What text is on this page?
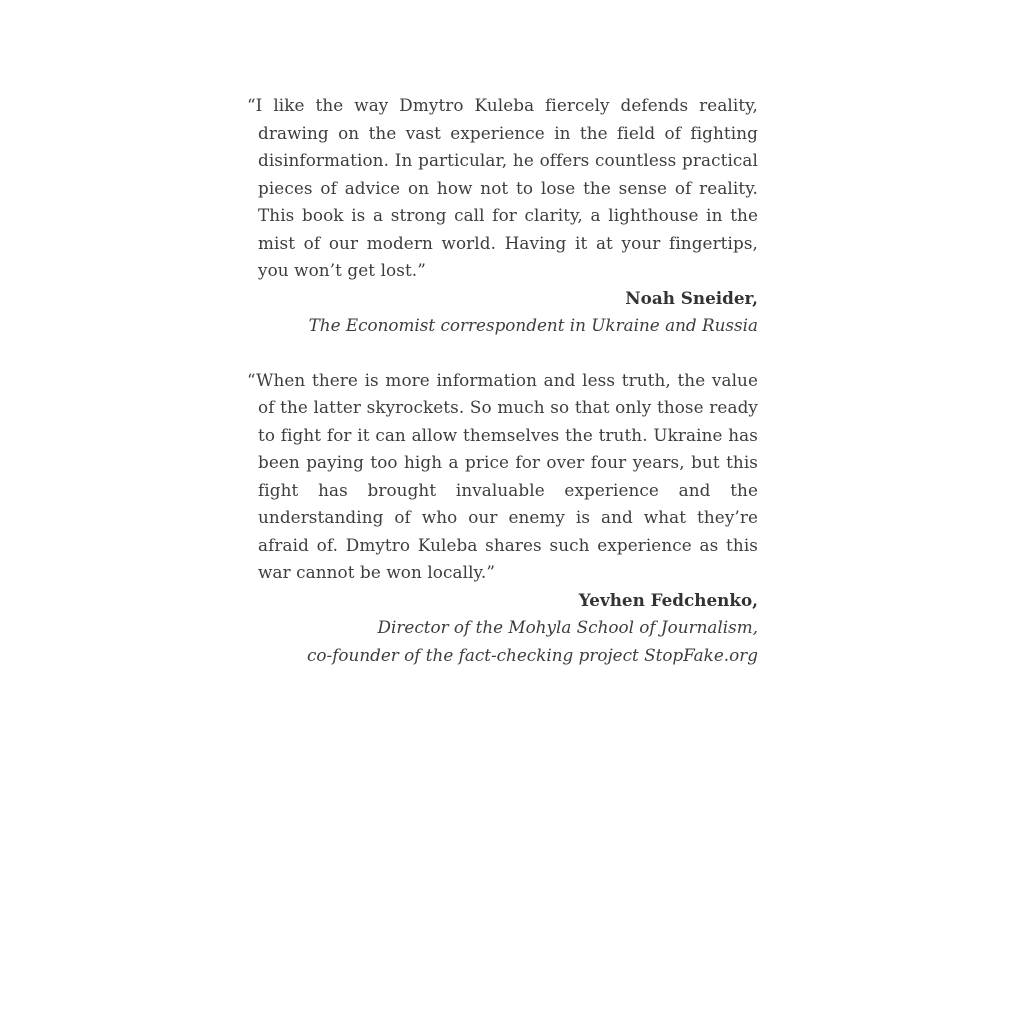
“I like the way Dmytro Kuleba fiercely defends reality, drawing on the vast experience in the field of fighting disinformation. In particular, he offers countless practical pieces of advice on how not to lose the sense of reality. This book is a strong call for clarity, a lighthouse in the mist of our modern world. Having it at your fingertips, you won’t get lost.”

Noah Sneider,
The Economist correspondent in Ukraine and Russia

“When there is more information and less truth, the value of the latter skyrockets. So much so that only those ready to fight for it can allow themselves the truth. Ukraine has been paying too high a price for over four years, but this fight has brought invaluable experience and the understanding of who our enemy is and what they’re afraid of. Dmytro Kuleba shares such experience as this war cannot be won locally.”

Yevhen Fedchenko,
Director of the Mohyla School of Journalism,
co-founder of the fact-checking project StopFake.org
